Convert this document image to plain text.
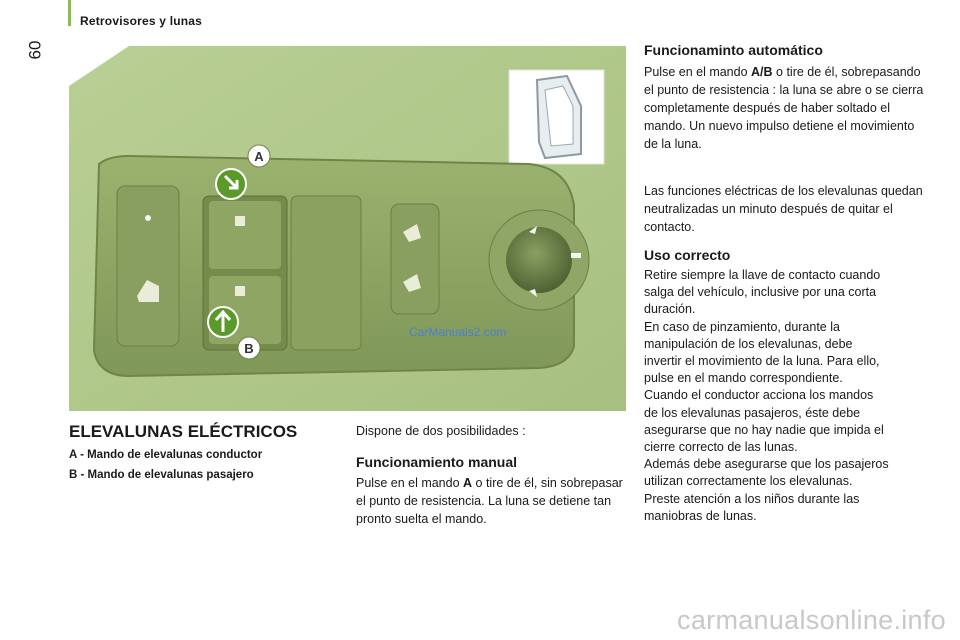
Retrovisores y lunas
60
A
B
CarManuals2.com
ELEVALUNAS ELÉCTRICOS
A - Mando de elevalunas conductor
B - Mando de elevalunas pasajero
Dispone de dos posibilidades :
Funcionamiento manual
Pulse en el mando A o tire de él, sin sobrepasar el punto de resistencia. La luna se detiene tan pronto suelta el mando.
Funcionaminto automático
Pulse en el mando A/B o tire de él, sobrepasando el punto de resistencia : la luna se abre o se cierra completamente después de haber soltado el mando. Un nuevo impulso detiene el movimiento de la luna.
Las funciones eléctricas de los elevalunas quedan neutralizadas un minuto después de quitar el contacto.
Uso correcto
Retire siempre la llave de contacto cuando
salga del vehículo, inclusive por una corta
duración.
En caso de pinzamiento, durante la
manipulación de los elevalunas, debe
invertir el movimiento de la luna. Para ello,
pulse en el mando correspondiente.
Cuando el conductor acciona los mandos
de los elevalunas pasajeros, éste debe
asegurarse que no hay nadie que impida el
cierre correcto de las lunas.
Además debe asegurarse que los pasajeros
utilizan correctamente los elevalunas.
Preste atención a los niños durante las
maniobras de lunas.
carmanualsonline.info
